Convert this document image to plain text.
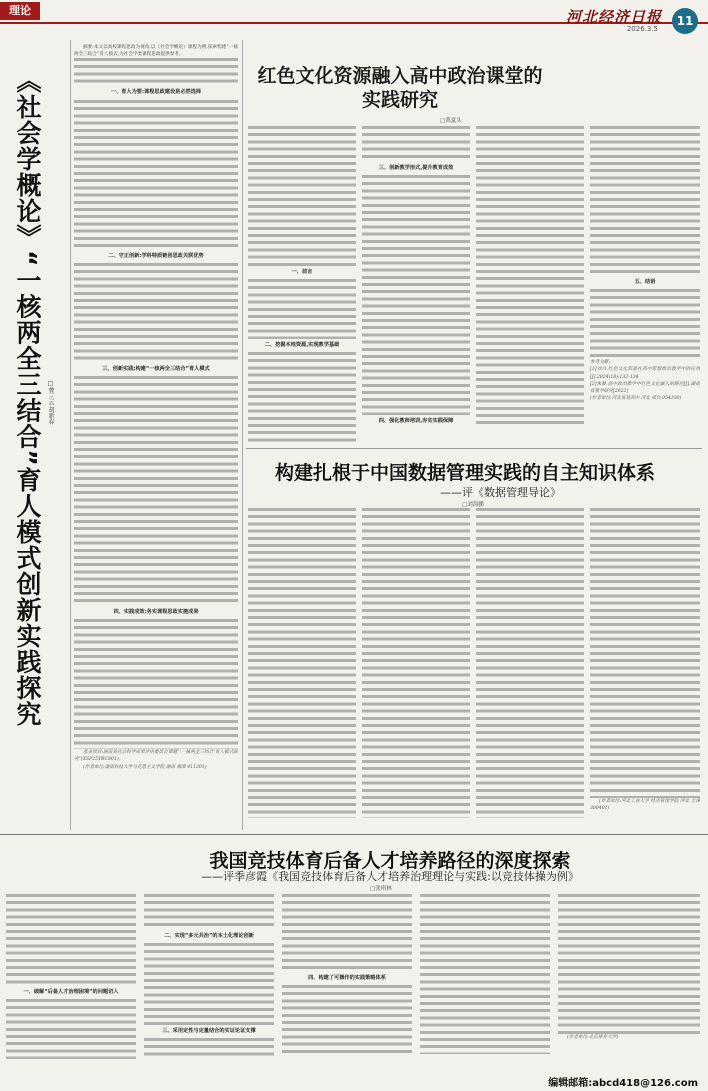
理论	河北经济日报
2026.3.5
11
《社会学概论》“一核两全三结合”育人模式创新实践探究 □曾三云 胡新春

摘要:本文以高校课程思政为视角,以《社会学概论》课程为例,探索构建“一核两全三结合”育人模式,为社会学类课程思政提供参考。

一、育人为要:课程思政建设是必然选择
二、守正创新:学科特质链创思政关联优势
三、创新实践:构建“一核两全三结合”育人模式
四、实践成效:务实课程思政实施成果

基金项目:湖南省社会科学成果评审委员会课题“‘一核两全三结合’育人模式研究”(XSP25YBC001)。

(作者单位:湖南科技大学马克思主义学院 湖南 湘潭 411201)

红色文化资源融入高中政治课堂的实践研究
□黄夏头
一、前言
二、挖掘本地资源,实现教学基础
三、创新教学形式,提升教育成效
四、强化教师培训,夯实实践保障
五、结语

参考文献:
[1]刘丹.红色文化资源在高中思想政治教学中的应用[J].2024(18):132-134
[2]朱静.高中政治教学中红色文化融入的路径[J].湖南省教学研究[2022]
(作者单位:河北省某高中 河北 邢台 054100)

构建扎根于中国数据管理实践的自主知识体系
——评《数据管理导论》
□刘海鹏

(作者单位:河北工业大学 经济管理学院 河北 天津 300401)

我国竞技体育后备人才培养路径的深度探索
——评季彦霞《我国竞技体育后备人才培养治理理论与实践:以竞技体操为例》
□张琪林
一、破解“后备人才治理困境”的问题切入
二、实现“多元共治”的本土化理论创新
三、采用定性与定量结合的实证论证支撑
四、构建了可操作的实践策略体系

(作者单位:北京体育大学)

编辑邮箱:abcd418@126.com
